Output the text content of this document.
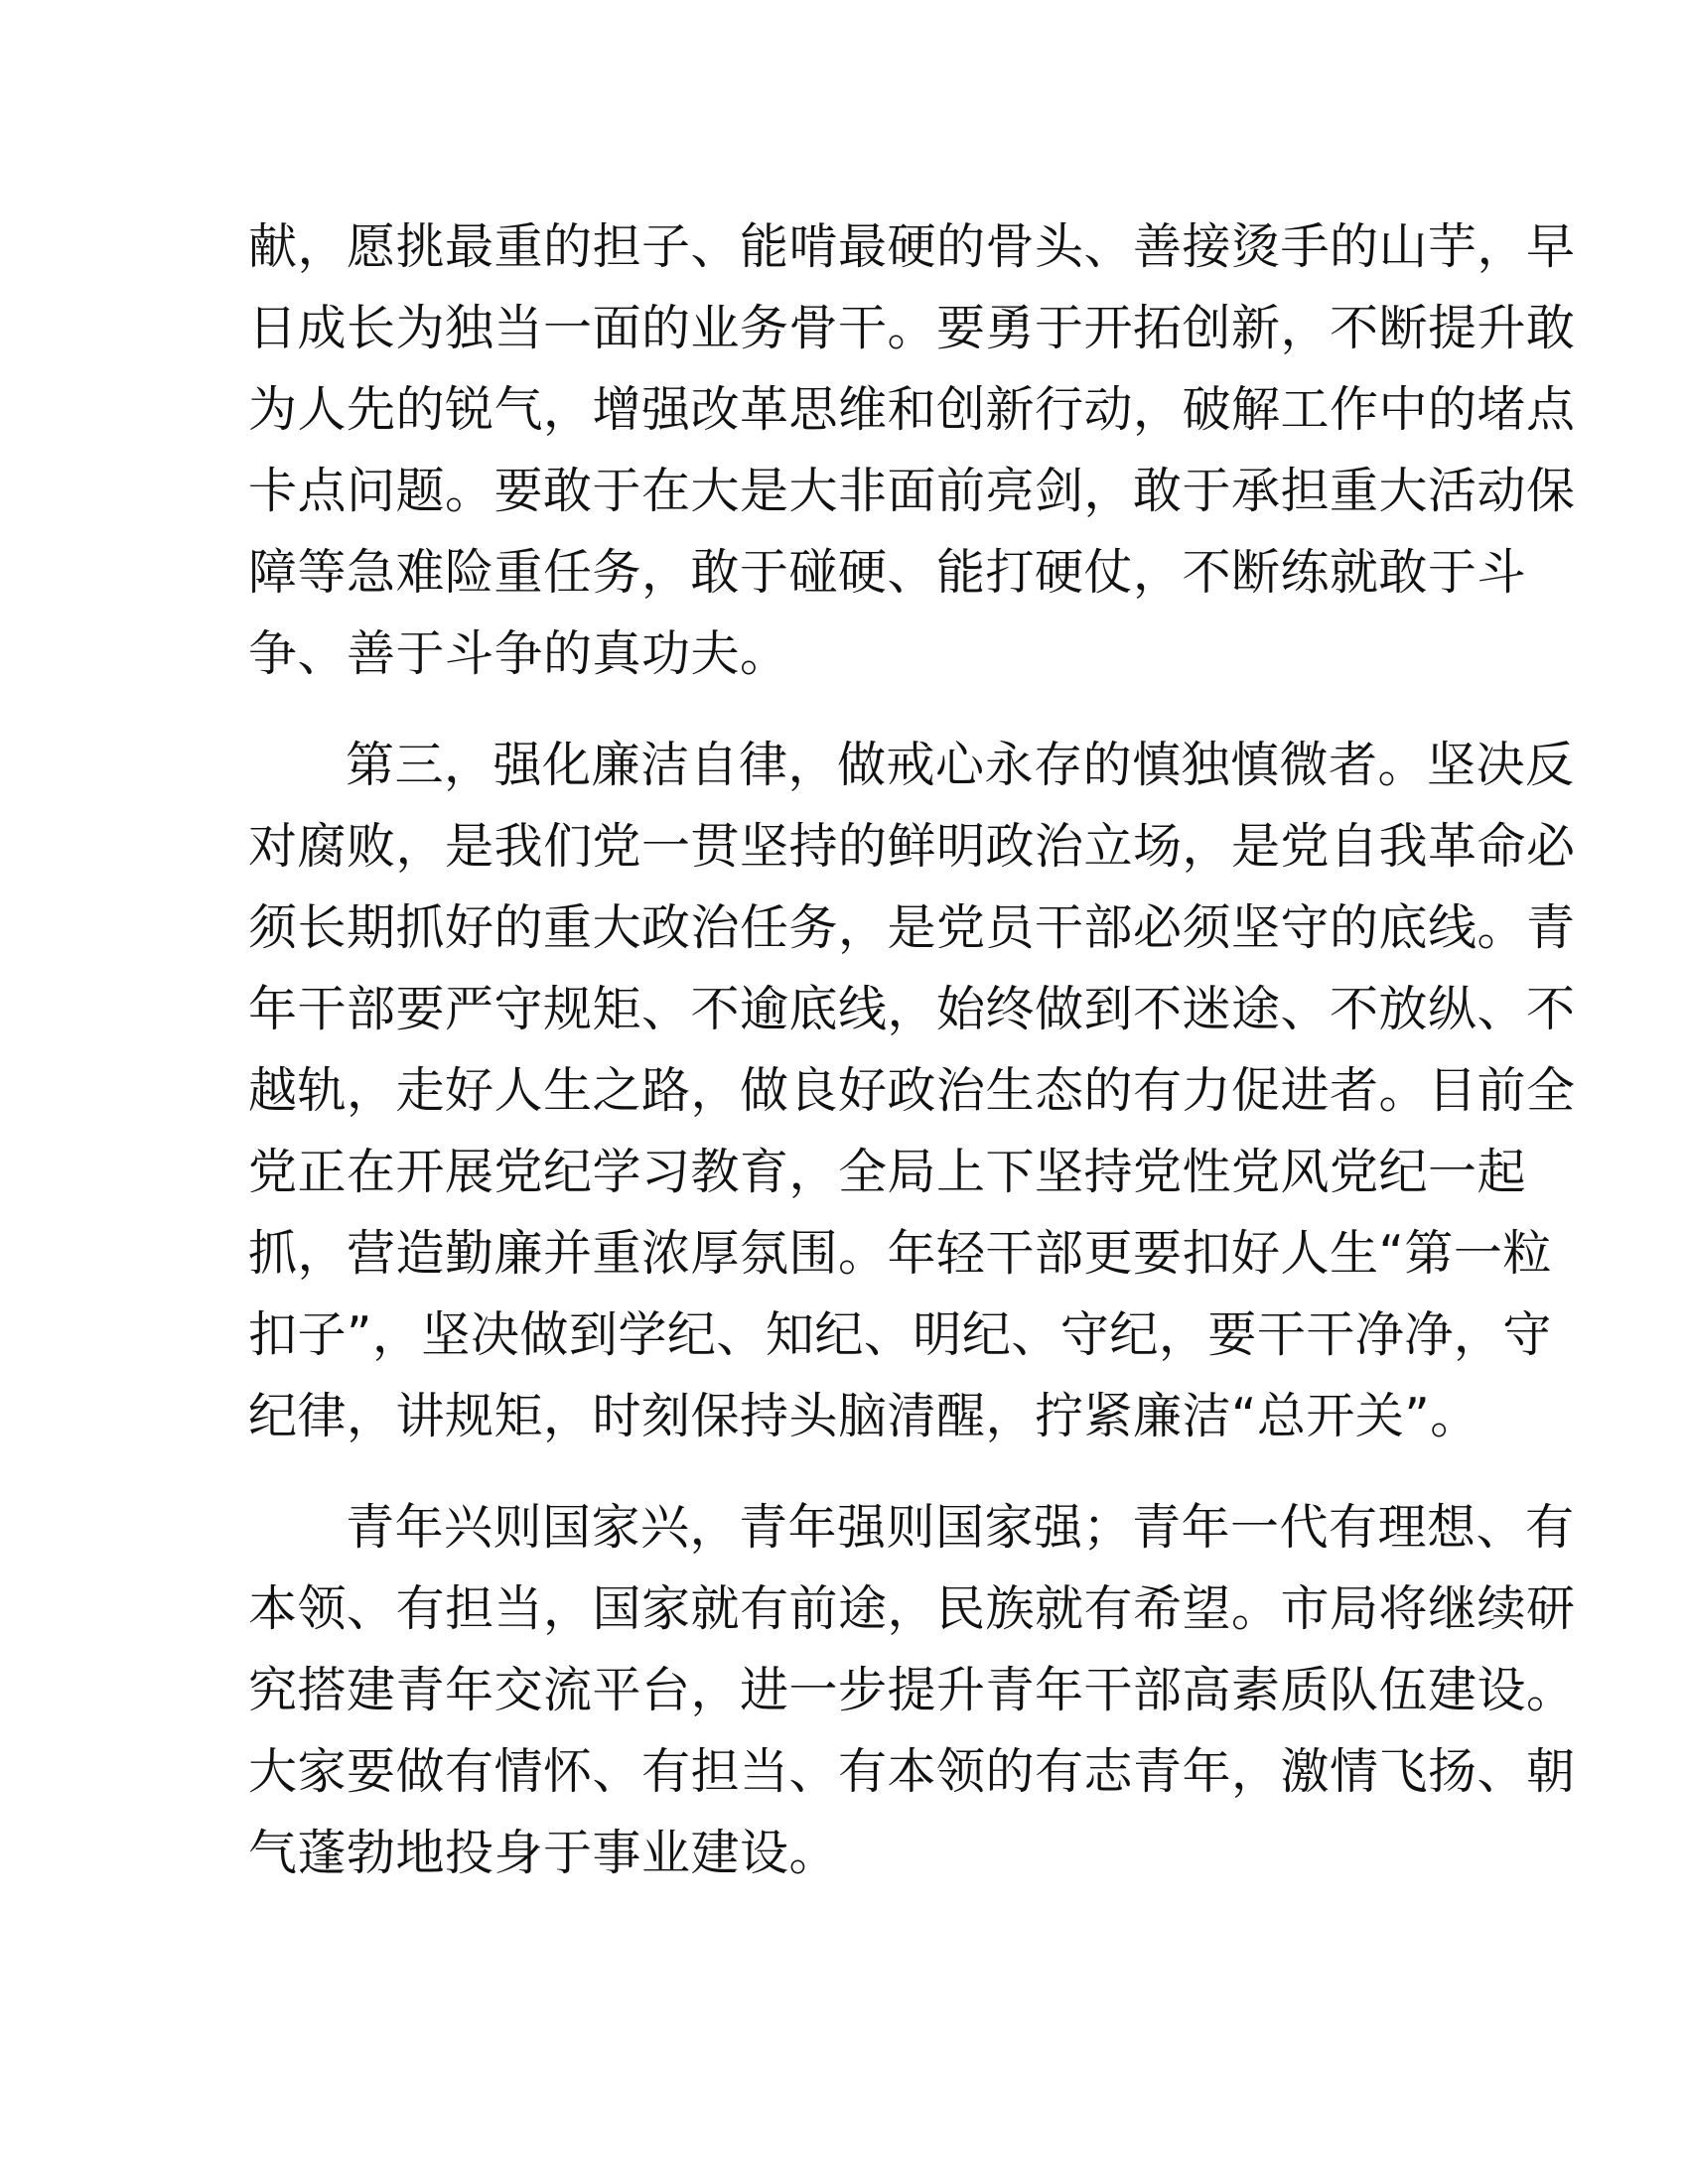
献，愿挑最重的担子、能啃最硬的骨头、善接烫手的山芋，早
日成长为独当一面的业务骨干。要勇于开拓创新，不断提升敢
为人先的锐气，增强改革思维和创新行动，破解工作中的堵点
卡点问题。要敢于在大是大非面前亮剑，敢于承担重大活动保
障等急难险重任务，敢于碰硬、能打硬仗，不断练就敢于斗
争、善于斗争的真功夫。

第三，强化廉洁自律，做戒心永存的慎独慎微者。坚决反
对腐败，是我们党一贯坚持的鲜明政治立场，是党自我革命必
须长期抓好的重大政治任务，是党员干部必须坚守的底线。青
年干部要严守规矩、不逾底线，始终做到不迷途、不放纵、不
越轨，走好人生之路，做良好政治生态的有力促进者。目前全
党正在开展党纪学习教育，全局上下坚持党性党风党纪一起
抓，营造勤廉并重浓厚氛围。年轻干部更要扣好人生“第一粒
扣子”，坚决做到学纪、知纪、明纪、守纪，要干干净净，守
纪律，讲规矩，时刻保持头脑清醒，拧紧廉洁“总开关”。

青年兴则国家兴，青年强则国家强；青年一代有理想、有
本领、有担当，国家就有前途，民族就有希望。市局将继续研
究搭建青年交流平台，进一步提升青年干部高素质队伍建设。
大家要做有情怀、有担当、有本领的有志青年，激情飞扬、朝
气蓬勃地投身于事业建设。
